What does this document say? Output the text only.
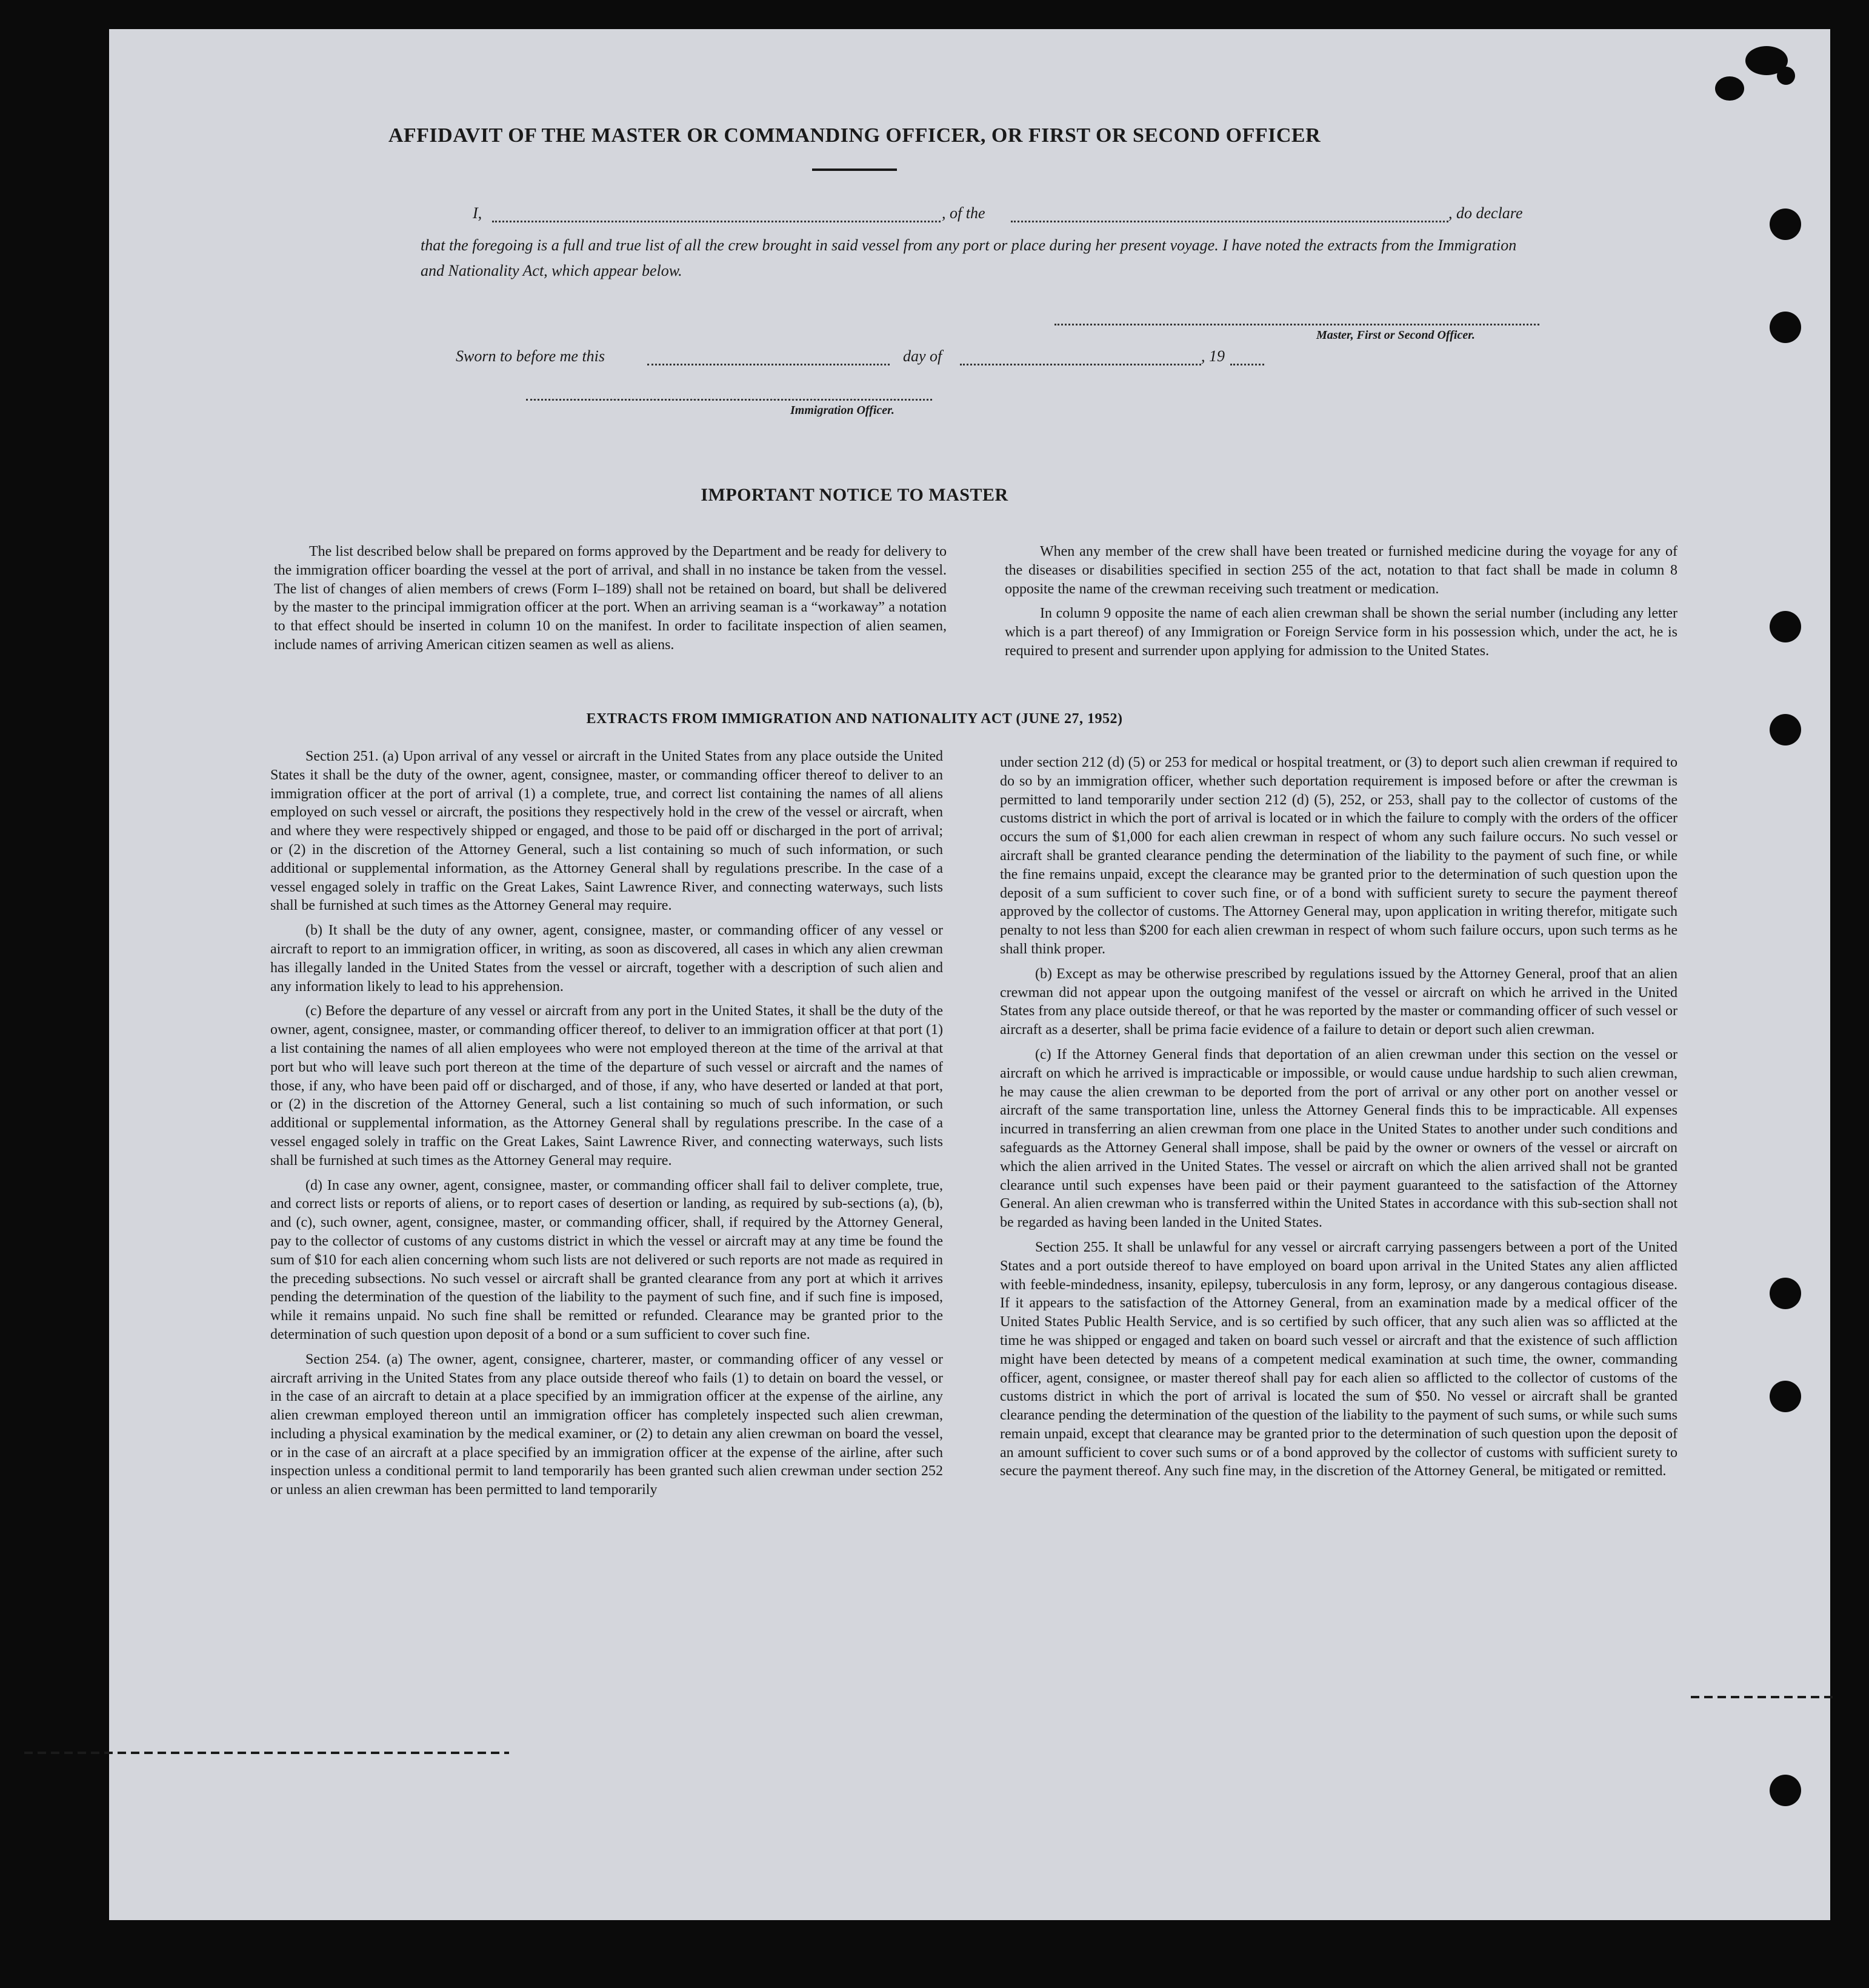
AFFIDAVIT OF THE MASTER OR COMMANDING OFFICER, OR FIRST OR SECOND OFFICER
I,	, of the	, do declare
that the foregoing is a full and true list of all the crew brought in said vessel from any port or place during her present voyage. I have noted the extracts from the Immigration and Nationality Act, which appear below.
Master, First or Second Officer.
Sworn to before me this	day of	, 19
Immigration Officer.
IMPORTANT NOTICE TO MASTER

The list described below shall be prepared on forms approved by the Department and be ready for delivery to the immigration officer boarding the vessel at the port of arrival, and shall in no instance be taken from the vessel. The list of changes of alien members of crews (Form I–189) shall not be retained on board, but shall be delivered by the master to the principal immigration officer at the port. When an arriving seaman is a “workaway” a notation to that effect should be inserted in column 10 on the manifest. In order to facilitate inspection of alien seamen, include names of arriving American citizen seamen as well as aliens.

When any member of the crew shall have been treated or furnished medicine during the voyage for any of the diseases or disabilities specified in section 255 of the act, notation to that fact shall be made in column 8 opposite the name of the crewman receiving such treatment or medication.

In column 9 opposite the name of each alien crewman shall be shown the serial number (including any letter which is a part thereof) of any Immigration or Foreign Service form in his possession which, under the act, he is required to present and surrender upon applying for admission to the United States.

EXTRACTS FROM IMMIGRATION AND NATIONALITY ACT (JUNE 27, 1952)

Section 251. (a) Upon arrival of any vessel or aircraft in the United States from any place outside the United States it shall be the duty of the owner, agent, consignee, master, or commanding officer thereof to deliver to an immigration officer at the port of arrival (1) a complete, true, and correct list containing the names of all aliens employed on such vessel or aircraft, the positions they respectively hold in the crew of the vessel or aircraft, when and where they were respectively shipped or engaged, and those to be paid off or discharged in the port of arrival; or (2) in the discretion of the Attorney General, such a list containing so much of such information, or such additional or supplemental information, as the Attorney General shall by regulations prescribe. In the case of a vessel engaged solely in traffic on the Great Lakes, Saint Lawrence River, and connecting waterways, such lists shall be furnished at such times as the Attorney General may require.

(b) It shall be the duty of any owner, agent, consignee, master, or commanding officer of any vessel or aircraft to report to an immigration officer, in writing, as soon as discovered, all cases in which any alien crewman has illegally landed in the United States from the vessel or aircraft, together with a description of such alien and any information likely to lead to his apprehension.

(c) Before the departure of any vessel or aircraft from any port in the United States, it shall be the duty of the owner, agent, consignee, master, or commanding officer thereof, to deliver to an immigration officer at that port (1) a list containing the names of all alien employees who were not employed thereon at the time of the arrival at that port but who will leave such port thereon at the time of the departure of such vessel or aircraft and the names of those, if any, who have been paid off or discharged, and of those, if any, who have deserted or landed at that port, or (2) in the discretion of the Attorney General, such a list containing so much of such information, or such additional or supplemental information, as the Attorney General shall by regulations prescribe. In the case of a vessel engaged solely in traffic on the Great Lakes, Saint Lawrence River, and connecting waterways, such lists shall be furnished at such times as the Attorney General may require.

(d) In case any owner, agent, consignee, master, or commanding officer shall fail to deliver complete, true, and correct lists or reports of aliens, or to report cases of desertion or landing, as required by sub-sections (a), (b), and (c), such owner, agent, consignee, master, or commanding officer, shall, if required by the Attorney General, pay to the collector of customs of any customs district in which the vessel or aircraft may at any time be found the sum of $10 for each alien concerning whom such lists are not delivered or such reports are not made as required in the preceding subsections. No such vessel or aircraft shall be granted clearance from any port at which it arrives pending the determination of the question of the liability to the payment of such fine, and if such fine is imposed, while it remains unpaid. No such fine shall be remitted or refunded. Clearance may be granted prior to the determination of such question upon deposit of a bond or a sum sufficient to cover such fine.

Section 254. (a) The owner, agent, consignee, charterer, master, or commanding officer of any vessel or aircraft arriving in the United States from any place outside thereof who fails (1) to detain on board the vessel, or in the case of an aircraft to detain at a place specified by an immigration officer at the expense of the airline, any alien crewman employed thereon until an immigration officer has completely inspected such alien crewman, including a physical examination by the medical examiner, or (2) to detain any alien crewman on board the vessel, or in the case of an aircraft at a place specified by an immigration officer at the expense of the airline, after such inspection unless a conditional permit to land temporarily has been granted such alien crewman under section 252 or unless an alien crewman has been permitted to land temporarily

under section 212 (d) (5) or 253 for medical or hospital treatment, or (3) to deport such alien crewman if required to do so by an immigration officer, whether such deportation requirement is imposed before or after the crewman is permitted to land temporarily under section 212 (d) (5), 252, or 253, shall pay to the collector of customs of the customs district in which the port of arrival is located or in which the failure to comply with the orders of the officer occurs the sum of $1,000 for each alien crewman in respect of whom any such failure occurs. No such vessel or aircraft shall be granted clearance pending the determination of the liability to the payment of such fine, or while the fine remains unpaid, except the clearance may be granted prior to the determination of such question upon the deposit of a sum sufficient to cover such fine, or of a bond with sufficient surety to secure the payment thereof approved by the collector of customs. The Attorney General may, upon application in writing therefor, mitigate such penalty to not less than $200 for each alien crewman in respect of whom such failure occurs, upon such terms as he shall think proper.

(b) Except as may be otherwise prescribed by regulations issued by the Attorney General, proof that an alien crewman did not appear upon the outgoing manifest of the vessel or aircraft on which he arrived in the United States from any place outside thereof, or that he was reported by the master or commanding officer of such vessel or aircraft as a deserter, shall be prima facie evidence of a failure to detain or deport such alien crewman.

(c) If the Attorney General finds that deportation of an alien crewman under this section on the vessel or aircraft on which he arrived is impracticable or impossible, or would cause undue hardship to such alien crewman, he may cause the alien crewman to be deported from the port of arrival or any other port on another vessel or aircraft of the same transportation line, unless the Attorney General finds this to be impracticable. All expenses incurred in transferring an alien crewman from one place in the United States to another under such conditions and safeguards as the Attorney General shall impose, shall be paid by the owner or owners of the vessel or aircraft on which the alien arrived in the United States. The vessel or aircraft on which the alien arrived shall not be granted clearance until such expenses have been paid or their payment guaranteed to the satisfaction of the Attorney General. An alien crewman who is transferred within the United States in accordance with this sub-section shall not be regarded as having been landed in the United States.

Section 255. It shall be unlawful for any vessel or aircraft carrying passengers between a port of the United States and a port outside thereof to have employed on board upon arrival in the United States any alien afflicted with feeble-mindedness, insanity, epilepsy, tuberculosis in any form, leprosy, or any dangerous contagious disease. If it appears to the satisfaction of the Attorney General, from an examination made by a medical officer of the United States Public Health Service, and is so certified by such officer, that any such alien was so afflicted at the time he was shipped or engaged and taken on board such vessel or aircraft and that the existence of such affliction might have been detected by means of a competent medical examination at such time, the owner, commanding officer, agent, consignee, or master thereof shall pay for each alien so afflicted to the collector of customs of the customs district in which the port of arrival is located the sum of $50. No vessel or aircraft shall be granted clearance pending the determination of the question of the liability to the payment of such sums, or while such sums remain unpaid, except that clearance may be granted prior to the determination of such question upon the deposit of an amount sufficient to cover such sums or of a bond approved by the collector of customs with sufficient surety to secure the payment thereof. Any such fine may, in the discretion of the Attorney General, be mitigated or remitted.
